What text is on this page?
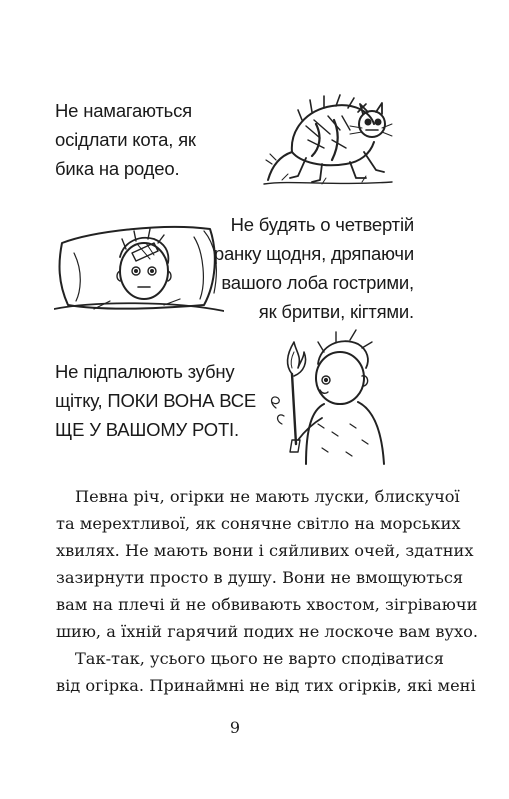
Не намагаються
осідлати кота, як
бика на родео.

Не будять о четвертій
ранку щодня, дряпаючи
вашого лоба гострими,
як бритви, кігтями.

Не підпалюють зубну
щітку, ПОКИ ВОНА ВСЕ
ЩЕ У ВАШОМУ РОТІ.

Певна річ, огірки не мають луски, блискучої
та мерехтливої, як сонячне світло на морських
хвилях. Не мають вони і сяйливих очей, здатних
зазирнути просто в душу. Вони не вмощуються
вам на плечі й не обвивають хвостом, зігріваючи
шию, а їхній гарячий подих не лоскоче вам вухо.
Так-так, усього цього не варто сподіватися
від огірка. Принаймні не від тих огірків, які мені
9
